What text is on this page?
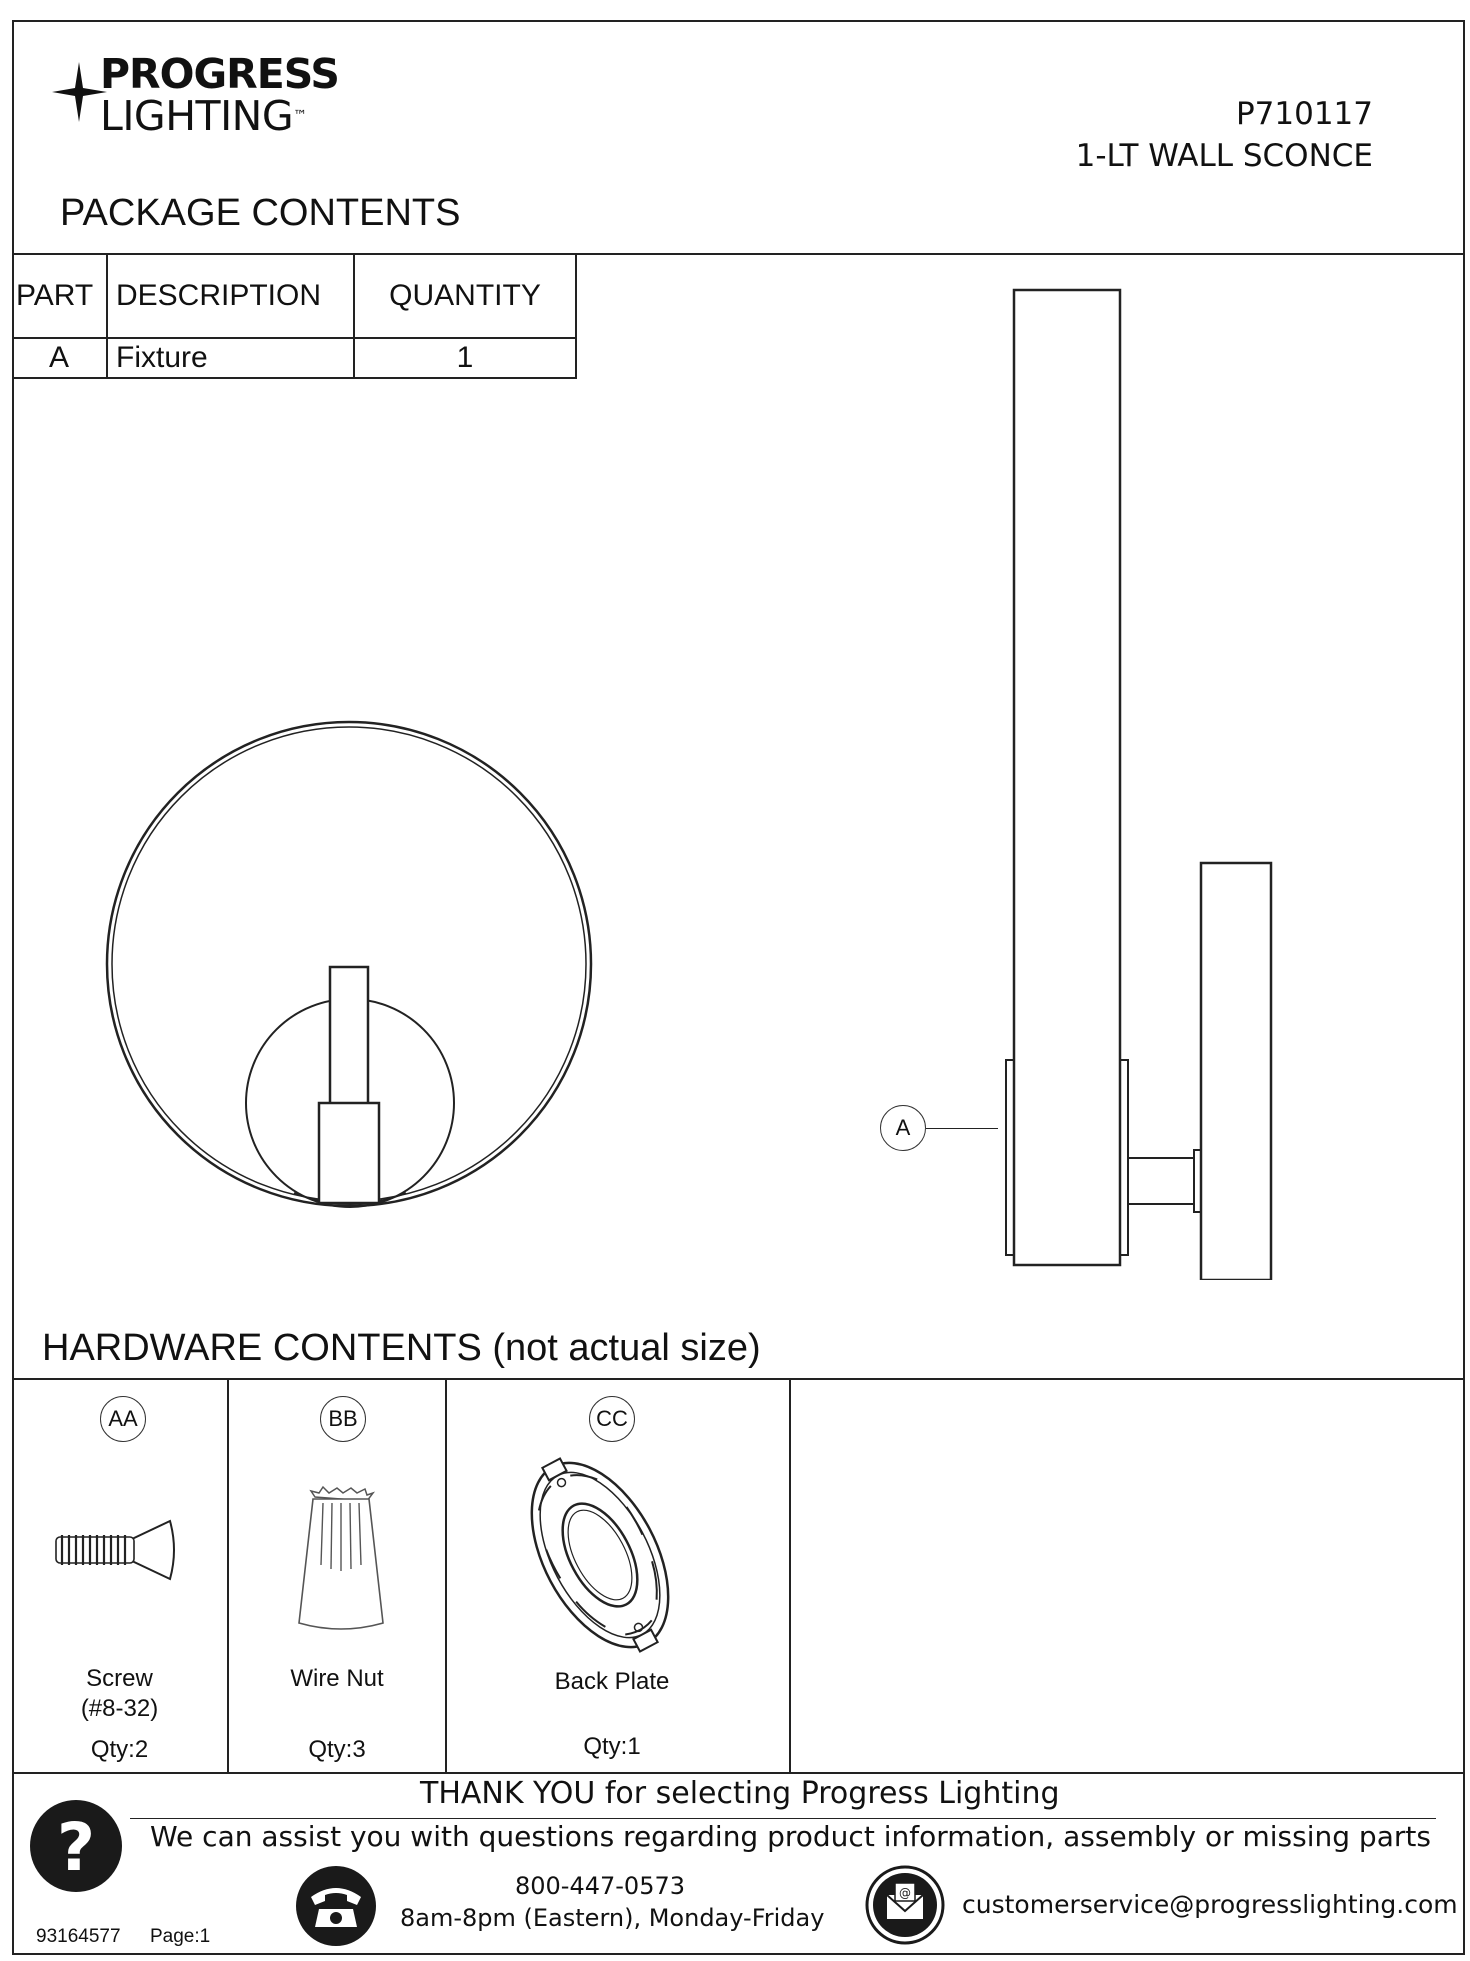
PROGRESS
LIGHTING™	P710117
1-LT WALL SCONCE
PACKAGE CONTENTS
PART	DESCRIPTION	QUANTITY
A	Fixture	1
A
HARDWARE CONTENTS (not actual size)
AA
Screw
(#8-32)
Qty:2
BB
Wire Nut
Qty:3
CC
Back Plate
Qty:1
THANK YOU for selecting Progress Lighting
? We can assist you with questions regarding product information, assembly or missing parts
800-447-0573
8am-8pm (Eastern), Monday-Friday
@ customerservice@progresslighting.com
93164577 Page:1
